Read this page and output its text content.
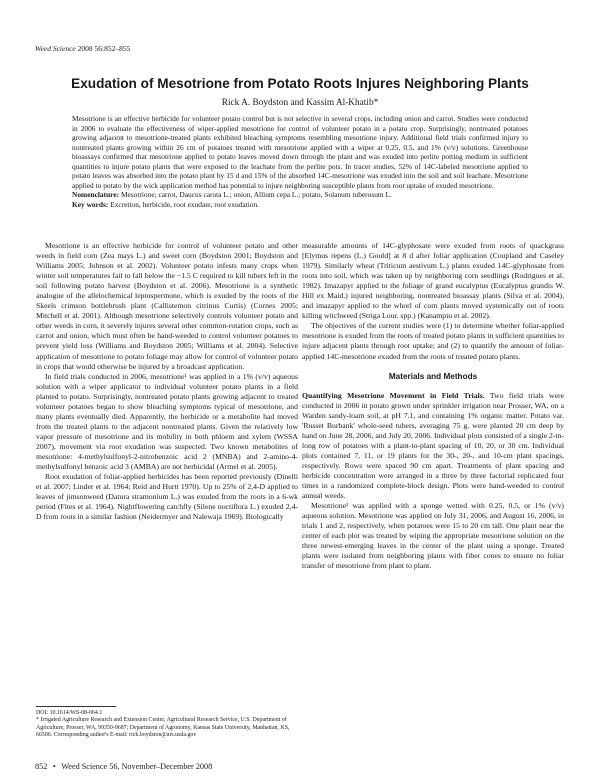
Weed Science 2008 56:852–855
Exudation of Mesotrione from Potato Roots Injures Neighboring Plants
Rick A. Boydston and Kassim Al-Khatib*

Mesotrione is an effective herbicide for volunteer potato control but is not selective in several crops, including onion and carrot. Studies were conducted in 2006 to evaluate the effectiveness of wiper-applied mesotrione for control of volunteer potato in a potato crop. Surprisingly, nontreated potatoes growing adjacent to mesotrione-treated plants exhibited bleaching symptoms resembling mesotrione injury. Additional field trials confirmed injury to nontreated plants growing within 26 cm of potatoes treated with mesotrione applied with a wiper at 0.25, 0.5, and 1% (v/v) solutions. Greenhouse bioassays confirmed that mesotrione applied to potato leaves moved down through the plant and was exuded into perlite potting medium in sufficient quantities to injure potato plants that were exposed to the leachate from the perlite pots. In tracer studies, 52% of 14C-labeled mesotrione applied to potato leaves was absorbed into the potato plant by 15 d and 15% of the absorbed 14C-mesotrione was exuded into the soil and soil leachate. Mesotrione applied to potato by the wick application method has potential to injure neighboring susceptible plants from root uptake of exuded mesotrione.

Nomenclature: Mesotrione; carrot, Daucus carota L.; onion, Allium cepa L.; potato, Solanum tuberosum L.

Key words: Excretion, herbicide, root exudate, root exudation.

Mesotrione is an effective herbicide for control of volunteer potato and other weeds in field corn (Zea mays L.) and sweet corn (Boydston 2001; Boydston and Williams 2005; Johnson et al. 2002). Volunteer potato infests many crops when winter soil temperatures fail to fall below the −1.5 C required to kill tubers left in the soil following potato harvest (Boydston et al. 2006). Mesotrione is a synthetic analogue of the allelochemical leptospermone, which is exuded by the roots of the Skeels crimson bottlebrush plant (Callistemon citrinus Curtis) (Cornes 2005; Mitchell et al. 2001). Although mesotrione selectively controls volunteer potato and other weeds in corn, it severely injures several other common-rotation crops, such as carrot and onion, which must often be hand-weeded to control volunteer potatoes to prevent yield loss (Williams and Boydston 2005; Williams et al. 2004). Selective application of mesotrione to potato foliage may allow for control of volunteer potato in crops that would otherwise be injured by a broadcast application.

In field trials conducted in 2006, mesotrione¹ was applied in a 1% (v/v) aqueous solution with a wiper applicator to individual volunteer potato plants in a field planted to potato. Surprisingly, nontreated potato plants growing adjacent to treated volunteer potatoes began to show bleaching symptoms typical of mesotrione, and many plants eventually died. Apparently, the herbicide or a metabolite had moved from the treated plants to the adjacent nontreated plants. Given the relatively low vapor pressure of mesotrione and its mobility in both phloem and xylem (WSSA 2007), movement via root exudation was suspected. Two known metabolites of mesotrione: 4-methylsulfonyl-2-nitrobenzoic acid 2 (MNBA) and 2-amino-4-methylsulfonyl benzoic acid 3 (AMBA) are not herbicidal (Armel et al. 2005).

Root exudation of foliar-applied herbicides has been reported previously (Dinelli et al. 2007; Linder et al. 1964; Reid and Hurtt 1970). Up to 25% of 2,4-D applied to leaves of jimsonweed (Datura stramonium L.) was exuded from the roots in a 6-wk period (Fites et al. 1964). Nightflowering catchfly (Silene noctiflora L.) exuded 2,4-D from roots in a similar fashion (Neidermyer and Nalewaja 1969). Biologically

measurable amounts of 14C-glyphosate were exuded from roots of quackgrass [Elymus repens (L.) Gould] at 8 d after foliar application (Coupland and Caseley 1979). Similarly wheat (Triticum aestivum L.) plants exuded 14C-glyphosate from roots into soil, which was taken up by neighboring corn seedlings (Rodrigues et al. 1982). Imazapyr applied to the foliage of grand eucalyptus (Eucalyptus grandis W. Hill ex Maid.) injured neighboring, nontreated bioassay plants (Silva et al. 2004), and imazapyr applied to the whorl of corn plants moved systemically out of roots killing witchweed (Striga Lour. spp.) (Kanampiu et al. 2002).

The objectives of the current studies were (1) to determine whether foliar-applied mesotrione is exuded from the roots of treated potato plants in sufficient quantities to injure adjacent plants through root uptake; and (2) to quantify the amount of foliar-applied 14C-mesotrione exuded from the roots of treated potato plants.

Materials and Methods

Quantifying Mesotrione Movement in Field Trials. Two field trials were conducted in 2006 in potato grown under sprinkler irrigation near Prosser, WA, on a Warden sandy-loam soil, at pH 7.1, and containing 1% organic matter. Potato var. 'Russet Burbank' whole-seed tubers, averaging 75 g, were planted 20 cm deep by hand on June 28, 2006, and July 20, 2006. Individual plots consisted of a single 2-m-long row of potatoes with a plant-to-plant spacing of 10, 20, or 30 cm. Individual plots contained 7, 11, or 19 plants for the 30-, 20-, and 10-cm plant spacings, respectively. Rows were spaced 90 cm apart. Treatments of plant spacing and herbicide concentration were arranged in a three by three factorial replicated four times in a randomized complete-block design. Plots were hand-weeded to control annual weeds.

Mesotrione¹ was applied with a sponge wetted with 0.25, 0.5, or 1% (v/v) aqueous solution. Mesotrione was applied on July 31, 2006, and August 16, 2006, in trials 1 and 2, respectively, when potatoes were 15 to 20 cm tall. One plant near the center of each plot was treated by wiping the appropriate mesotrione solution on the three newest-emerging leaves in the center of the plant using a sponge. Treated plants were isolated from neighboring plants with fiber cones to ensure no foliar transfer of mesotrione from plant to plant.

DOI: 10.1614/WS-08-064.1

* Irrigated Agriculture Research and Extension Center, Agricultural Research Service, U.S. Department of Agriculture, Prosser, WA, 99350-9687; Department of Agronomy, Kansas State University, Manhattan, KS, 66506. Corresponding author's E-mail: rick.boydston@ars.usda.gov

852 • Weed Science 56, November–December 2008
